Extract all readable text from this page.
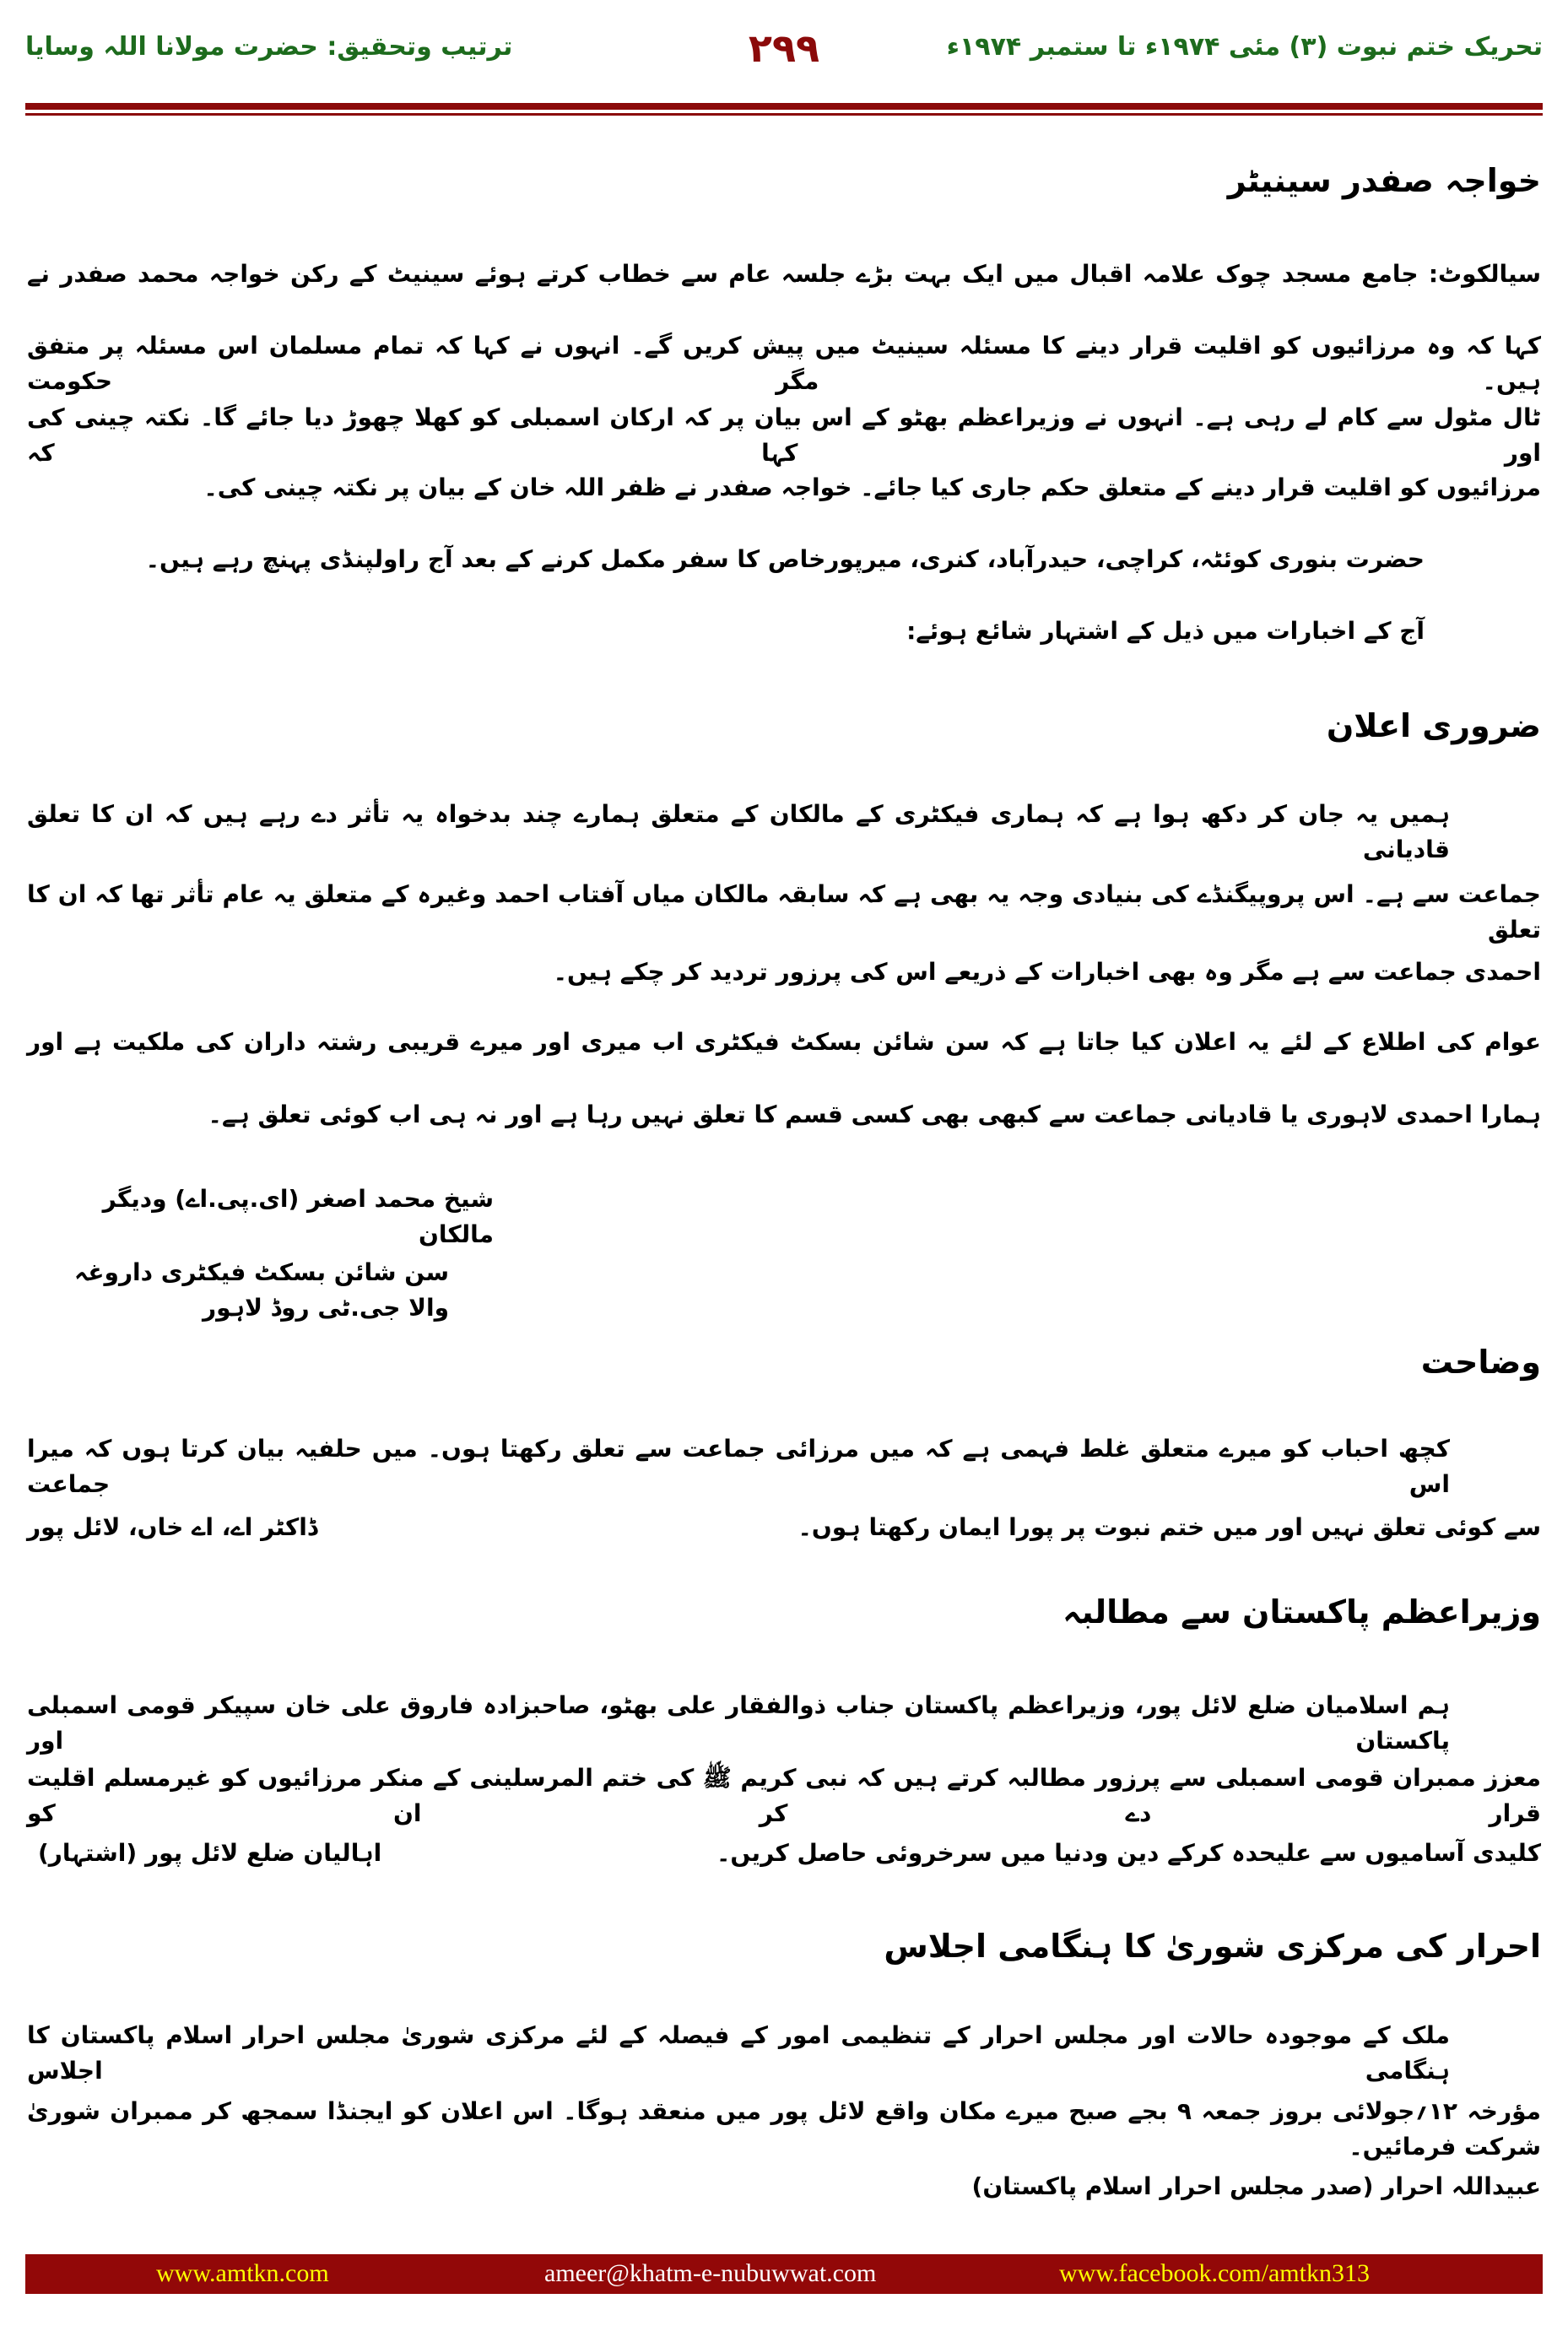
تحریک ختم نبوت (۳) مئی ۱۹۷۴ء تا ستمبر ۱۹۷۴ء
۲۹۹
ترتیب وتحقیق: حضرت مولانا اللہ وسایا
خواجہ صفدر سینیٹر
سیالکوٹ: جامع مسجد چوک علامہ اقبال میں ایک بہت بڑے جلسہ عام سے خطاب کرتے ہوئے سینیٹ کے رکن خواجہ محمد صفدر نے
کہا کہ وہ مرزائیوں کو اقلیت قرار دینے کا مسئلہ سینیٹ میں پیش کریں گے۔ انہوں نے کہا کہ تمام مسلمان اس مسئلہ پر متفق ہیں۔ مگر حکومت
ٹال مٹول سے کام لے رہی ہے۔ انہوں نے وزیراعظم بھٹو کے اس بیان پر کہ ارکان اسمبلی کو کھلا چھوڑ دیا جائے گا۔ نکتہ چینی کی اور کہا کہ
مرزائیوں کو اقلیت قرار دینے کے متعلق حکم جاری کیا جائے۔ خواجہ صفدر نے ظفر اللہ خان کے بیان پر نکتہ چینی کی۔
حضرت بنوری کوئٹہ، کراچی، حیدرآباد، کنری، میرپورخاص کا سفر مکمل کرنے کے بعد آج راولپنڈی پہنچ رہے ہیں۔
آج کے اخبارات میں ذیل کے اشتہار شائع ہوئے:
ضروری اعلان
ہمیں یہ جان کر دکھ ہوا ہے کہ ہماری فیکٹری کے مالکان کے متعلق ہمارے چند بدخواہ یہ تأثر دے رہے ہیں کہ ان کا تعلق قادیانی
جماعت سے ہے۔ اس پروپیگنڈے کی بنیادی وجہ یہ بھی ہے کہ سابقہ مالکان میاں آفتاب احمد وغیرہ کے متعلق یہ عام تأثر تھا کہ ان کا تعلق
احمدی جماعت سے ہے مگر وہ بھی اخبارات کے ذریعے اس کی پرزور تردید کر چکے ہیں۔
عوام کی اطلاع کے لئے یہ اعلان کیا جاتا ہے کہ سن شائن بسکٹ فیکٹری اب میری اور میرے قریبی رشتہ داران کی ملکیت ہے اور
ہمارا احمدی لاہوری یا قادیانی جماعت سے کبھی بھی کسی قسم کا تعلق نہیں رہا ہے اور نہ ہی اب کوئی تعلق ہے۔
شیخ محمد اصغر (ای.پی.اے) ودیگر مالکان
سن شائن بسکٹ فیکٹری داروغہ والا جی.ٹی روڈ لاہور
وضاحت
کچھ احباب کو میرے متعلق غلط فہمی ہے کہ میں مرزائی جماعت سے تعلق رکھتا ہوں۔ میں حلفیہ بیان کرتا ہوں کہ میرا اس جماعت
سے کوئی تعلق نہیں اور میں ختم نبوت پر پورا ایمان رکھتا ہوں۔
ڈاکٹر اے، اے خاں، لائل پور
وزیراعظم پاکستان سے مطالبہ
ہم اسلامیان ضلع لائل پور، وزیراعظم پاکستان جناب ذوالفقار علی بھٹو، صاحبزادہ فاروق علی خان سپیکر قومی اسمبلی پاکستان اور
معزز ممبران قومی اسمبلی سے پرزور مطالبہ کرتے ہیں کہ نبی کریم ﷺ کی ختم المرسلینی کے منکر مرزائیوں کو غیرمسلم اقلیت قرار دے کر ان کو
کلیدی آسامیوں سے علیحدہ کرکے دین ودنیا میں سرخروئی حاصل کریں۔
اہالیان ضلع لائل پور (اشتہار)
احرار کی مرکزی شوریٰ کا ہنگامی اجلاس
ملک کے موجودہ حالات اور مجلس احرار کے تنظیمی امور کے فیصلہ کے لئے مرکزی شوریٰ مجلس احرار اسلام پاکستان کا ہنگامی اجلاس
مؤرخہ ۱۲؍جولائی بروز جمعہ ۹ بجے صبح میرے مکان واقع لائل پور میں منعقد ہوگا۔ اس اعلان کو ایجنڈا سمجھ کر ممبران شوریٰ شرکت فرمائیں۔
عبیداللہ احرار (صدر مجلس احرار اسلام پاکستان)
www.amtkn.com	ameer@khatm-e-nubuwwat.com	www.facebook.com/amtkn313
